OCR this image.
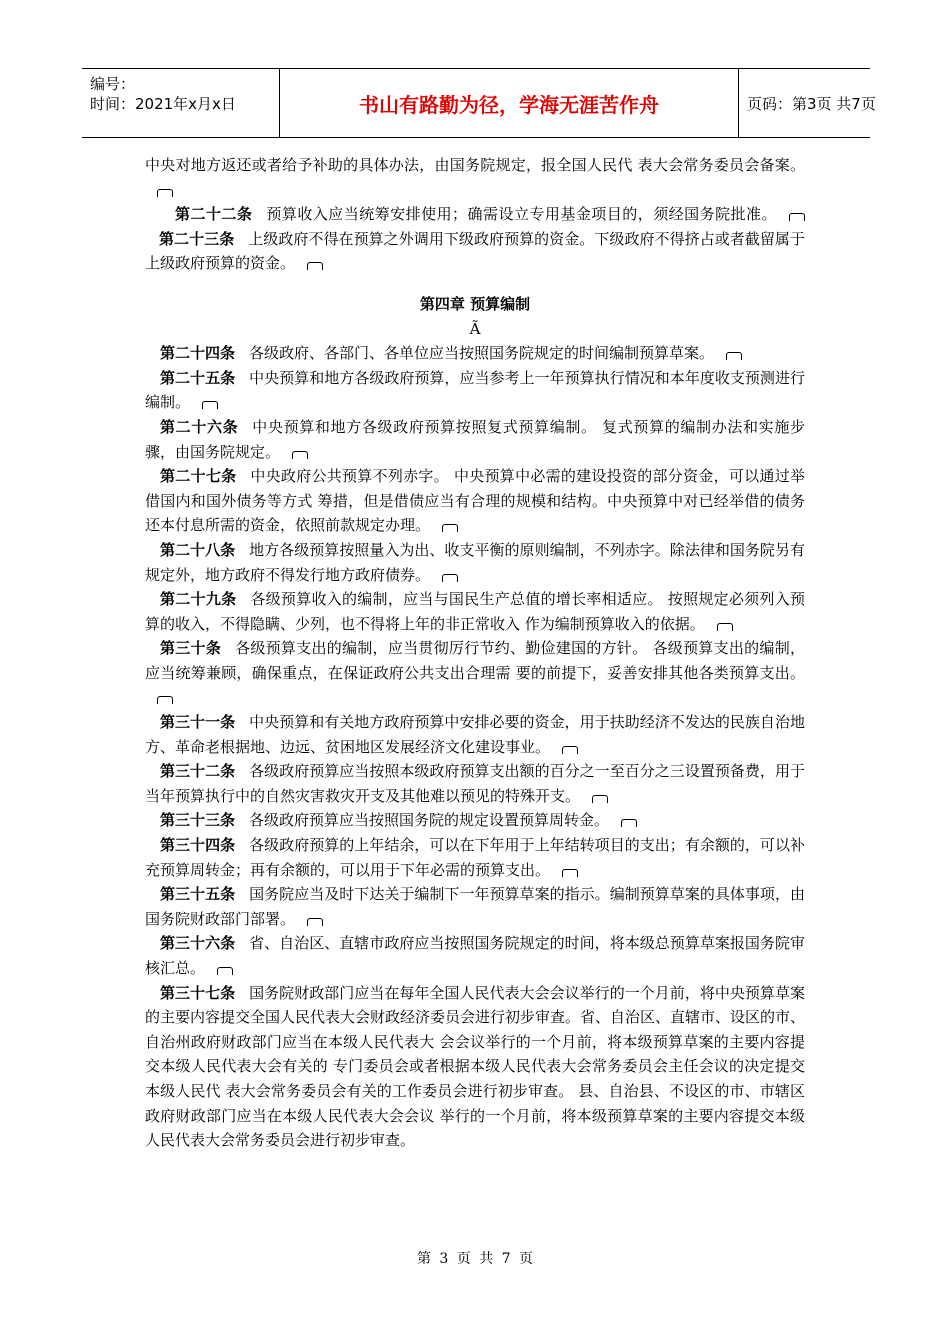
编号：
时间：2021年x月x日	书山有路勤为径，学海无涯苦作舟	页码：第3页 共7页

中央对地方返还或者给予补助的具体办法，由国务院规定，报全国人民代 表大会常务委员会备案。

第二十二条 预算收入应当统筹安排使用；确需设立专用基金项目的，须经国务院批准。第二十三条 上级政府不得在预算之外调用下级政府预算的资金。下级政府不得挤占或者截留属于上级政府预算的资金。

第四章 预算编制

Ã

第二十四条 各级政府、各部门、各单位应当按照国务院规定的时间编制预算草案。

第二十五条 中央预算和地方各级政府预算，应当参考上一年预算执行情况和本年度收支预测进行编制。

第二十六条 中央预算和地方各级政府预算按照复式预算编制。 复式预算的编制办法和实施步骤，由国务院规定。

第二十七条 中央政府公共预算不列赤字。 中央预算中必需的建设投资的部分资金，可以通过举借国内和国外债务等方式 筹措，但是借债应当有合理的规模和结构。中央预算中对已经举借的债务还本付息所需的资金，依照前款规定办理。

第二十八条 地方各级预算按照量入为出、收支平衡的原则编制，不列赤字。除法律和国务院另有规定外，地方政府不得发行地方政府债券。

第二十九条 各级预算收入的编制，应当与国民生产总值的增长率相适应。 按照规定必须列入预算的收入，不得隐瞒、少列，也不得将上年的非正常收入 作为编制预算收入的依据。

第三十条 各级预算支出的编制，应当贯彻厉行节约、勤俭建国的方针。 各级预算支出的编制，应当统筹兼顾，确保重点，在保证政府公共支出合理需 要的前提下，妥善安排其他各类预算支出。

第三十一条 中央预算和有关地方政府预算中安排必要的资金，用于扶助经济不发达的民族自治地方、革命老根据地、边远、贫困地区发展经济文化建设事业。

第三十二条 各级政府预算应当按照本级政府预算支出额的百分之一至百分之三设置预备费，用于当年预算执行中的自然灾害救灾开支及其他难以预见的特殊开支。

第三十三条 各级政府预算应当按照国务院的规定设置预算周转金。

第三十四条 各级政府预算的上年结余，可以在下年用于上年结转项目的支出；有余额的，可以补充预算周转金；再有余额的，可以用于下年必需的预算支出。

第三十五条 国务院应当及时下达关于编制下一年预算草案的指示。编制预算草案的具体事项，由国务院财政部门部署。

第三十六条 省、自治区、直辖市政府应当按照国务院规定的时间，将本级总预算草案报国务院审核汇总。

第三十七条 国务院财政部门应当在每年全国人民代表大会会议举行的一个月前，将中央预算草案的主要内容提交全国人民代表大会财政经济委员会进行初步审查。省、自治区、直辖市、设区的市、自治州政府财政部门应当在本级人民代表大 会会议举行的一个月前，将本级预算草案的主要内容提交本级人民代表大会有关的 专门委员会或者根据本级人民代表大会常务委员会主任会议的决定提交本级人民代 表大会常务委员会有关的工作委员会进行初步审查。 县、自治县、不设区的市、市辖区政府财政部门应当在本级人民代表大会会议 举行的一个月前，将本级预算草案的主要内容提交本级人民代表大会常务委员会进行初步审查。

第 3 页 共 7 页
